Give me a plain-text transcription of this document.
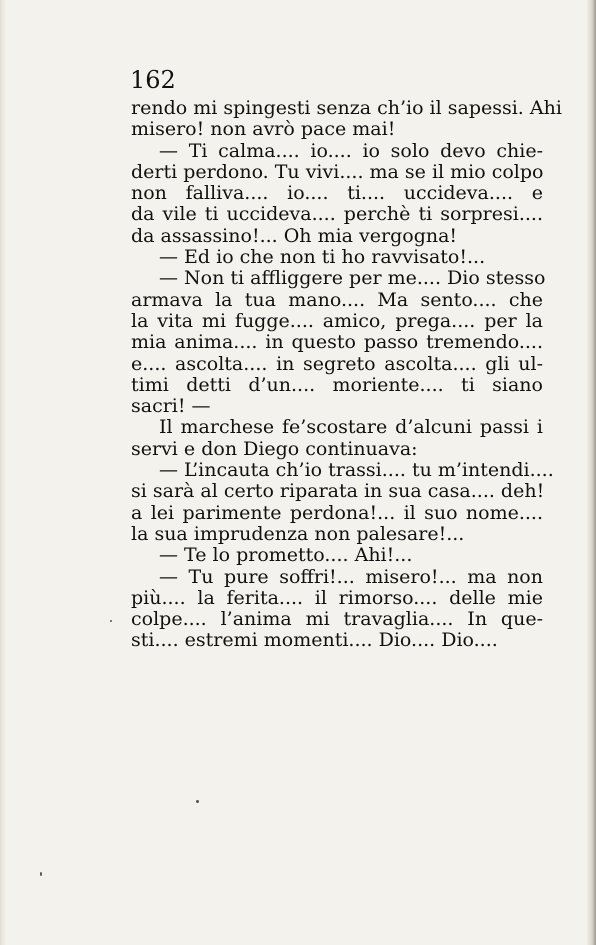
162
rendo mi spingesti senza ch’io il sapessi. Ahi
misero! non avrò pace mai!
— Ti calma.... io.... io solo devo chie-
derti perdono. Tu vivi.... ma se il mio colpo
non falliva.... io.... ti.... uccideva.... e
da vile ti uccideva.... perchè ti sorpresi....
da assassino!... Oh mia vergogna!
— Ed io che non ti ho ravvisato!...
— Non ti affliggere per me.... Dio stesso
armava la tua mano.... Ma sento.... che
la vita mi fugge.... amico, prega.... per la
mia anima.... in questo passo tremendo....
e.... ascolta.... in segreto ascolta.... gli ul-
timi detti d’un.... moriente.... ti siano
sacri! —
Il marchese fe’scostare d’alcuni passi i
servi e don Diego continuava:
— L’incauta ch’io trassi.... tu m’intendi....
si sarà al certo riparata in sua casa.... deh!
a lei parimente perdona!... il suo nome....
la sua imprudenza non palesare!...
— Te lo prometto.... Ahi!...
— Tu pure soffri!... misero!... ma non
più.... la ferita.... il rimorso.... delle mie
colpe.... l’anima mi travaglia.... In que-
sti.... estremi momenti.... Dio.... Dio....
